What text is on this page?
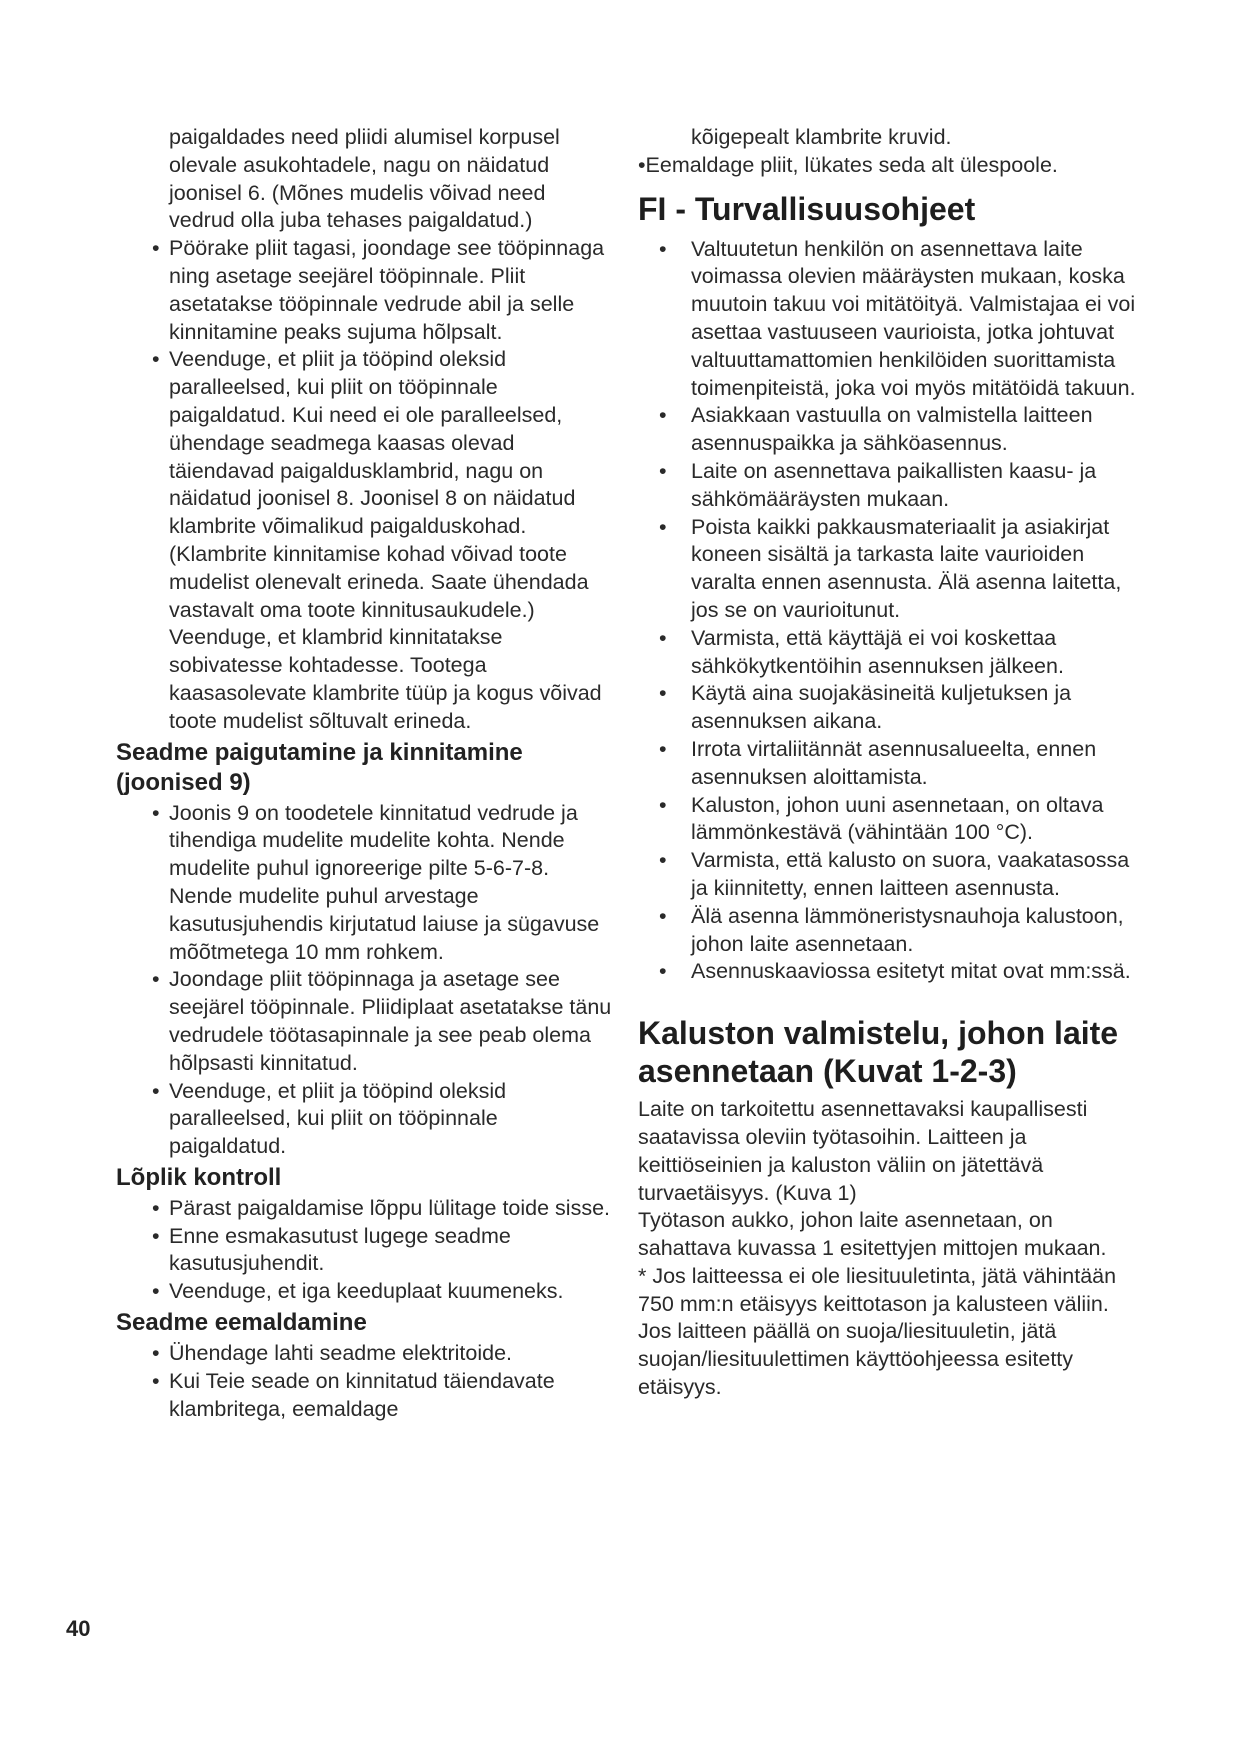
paigaldades need pliidi alumisel korpusel olevale asukohtadele, nagu on näidatud joonisel 6. (Mõnes mudelis võivad need vedrud olla juba tehases paigaldatud.)

• Pöörake pliit tagasi, joondage see tööpinnaga ning asetage seejärel tööpinnale. Pliit asetatakse tööpinnale vedrude abil ja selle kinnitamine peaks sujuma hõlpsalt.
• Veenduge, et pliit ja tööpind oleksid paralleelsed, kui pliit on tööpinnale paigaldatud. Kui need ei ole paralleelsed, ühendage seadmega kaasas olevad täiendavad paigaldusklambrid, nagu on näidatud joonisel 8. Joonisel 8 on näidatud klambrite võimalikud paigalduskohad. (Klambrite kinnitamise kohad võivad toote mudelist olenevalt erineda. Saate ühendada vastavalt oma toote kinnitusaukudele.) Veenduge, et klambrid kinnitatakse sobivatesse kohtadesse. Tootega kaasasolevate klambrite tüüp ja kogus võivad toote mudelist sõltuvalt erineda.
Seadme paigutamine ja kinnitamine (joonised 9)
• Joonis 9 on toodetele kinnitatud vedrude ja tihendiga mudelite mudelite kohta. Nende mudelite puhul ignoreerige pilte 5-6-7-8. Nende mudelite puhul arvestage kasutusjuhendis kirjutatud laiuse ja sügavuse mõõtmetega 10 mm rohkem.
• Joondage pliit tööpinnaga ja asetage see seejärel tööpinnale. Pliidiplaat asetatakse tänu vedrudele töötasapinnale ja see peab olema hõlpsasti kinnitatud.
• Veenduge, et pliit ja tööpind oleksid paralleelsed, kui pliit on tööpinnale paigaldatud.
Lõplik kontroll
• Pärast paigaldamise lõppu lülitage toide sisse.
• Enne esmakasutust lugege seadme kasutusjuhendit.
• Veenduge, et iga keeduplaat kuumeneks.
Seadme eemaldamine
• Ühendage lahti seadme elektritoide.
• Kui Teie seade on kinnitatud täiendavate klambritega, eemaldage

kõigepealt klambrite kruvid.

•Eemaldage pliit, lükates seda alt ülespoole.

FI - Turvallisuusohjeet
• Valtuutetun henkilön on asennettava laite voimassa olevien määräysten mukaan, koska muutoin takuu voi mitätöityä. Valmistajaa ei voi asettaa vastuuseen vaurioista, jotka johtuvat valtuuttamattomien henkilöiden suorittamista toimenpiteistä, joka voi myös mitätöidä takuun.
• Asiakkaan vastuulla on valmistella laitteen asennuspaikka ja sähköasennus.
• Laite on asennettava paikallisten kaasu- ja sähkömääräysten mukaan.
• Poista kaikki pakkausmateriaalit ja asiakirjat koneen sisältä ja tarkasta laite vaurioiden varalta ennen asennusta. Älä asenna laitetta, jos se on vaurioitunut.
• Varmista, että käyttäjä ei voi koskettaa sähkökytkentöihin asennuksen jälkeen.
• Käytä aina suojakäsineitä kuljetuksen ja asennuksen aikana.
• Irrota virtaliitännät asennusalueelta, ennen asennuksen aloittamista.
• Kaluston, johon uuni asennetaan, on oltava lämmönkestävä (vähintään 100 °C).
• Varmista, että kalusto on suora, vaakatasossa ja kiinnitetty, ennen laitteen asennusta.
• Älä asenna lämmöneristysnauhoja kalustoon, johon laite asennetaan.
• Asennuskaaviossa esitetyt mitat ovat mm:ssä.
Kaluston valmistelu, johon laite asennetaan (Kuvat 1-2-3)

Laite on tarkoitettu asennettavaksi kaupallisesti saatavissa oleviin työtasoihin. Laitteen ja keittiöseinien ja kaluston väliin on jätettävä turvaetäisyys. (Kuva 1)

Työtason aukko, johon laite asennetaan, on sahattava kuvassa 1 esitettyjen mittojen mukaan.

* Jos laitteessa ei ole liesituuletinta, jätä vähintään 750 mm:n etäisyys keittotason ja kalusteen väliin.

Jos laitteen päällä on suoja/liesituuletin, jätä suojan/liesituulettimen käyttöohjeessa esitetty etäisyys.

40
